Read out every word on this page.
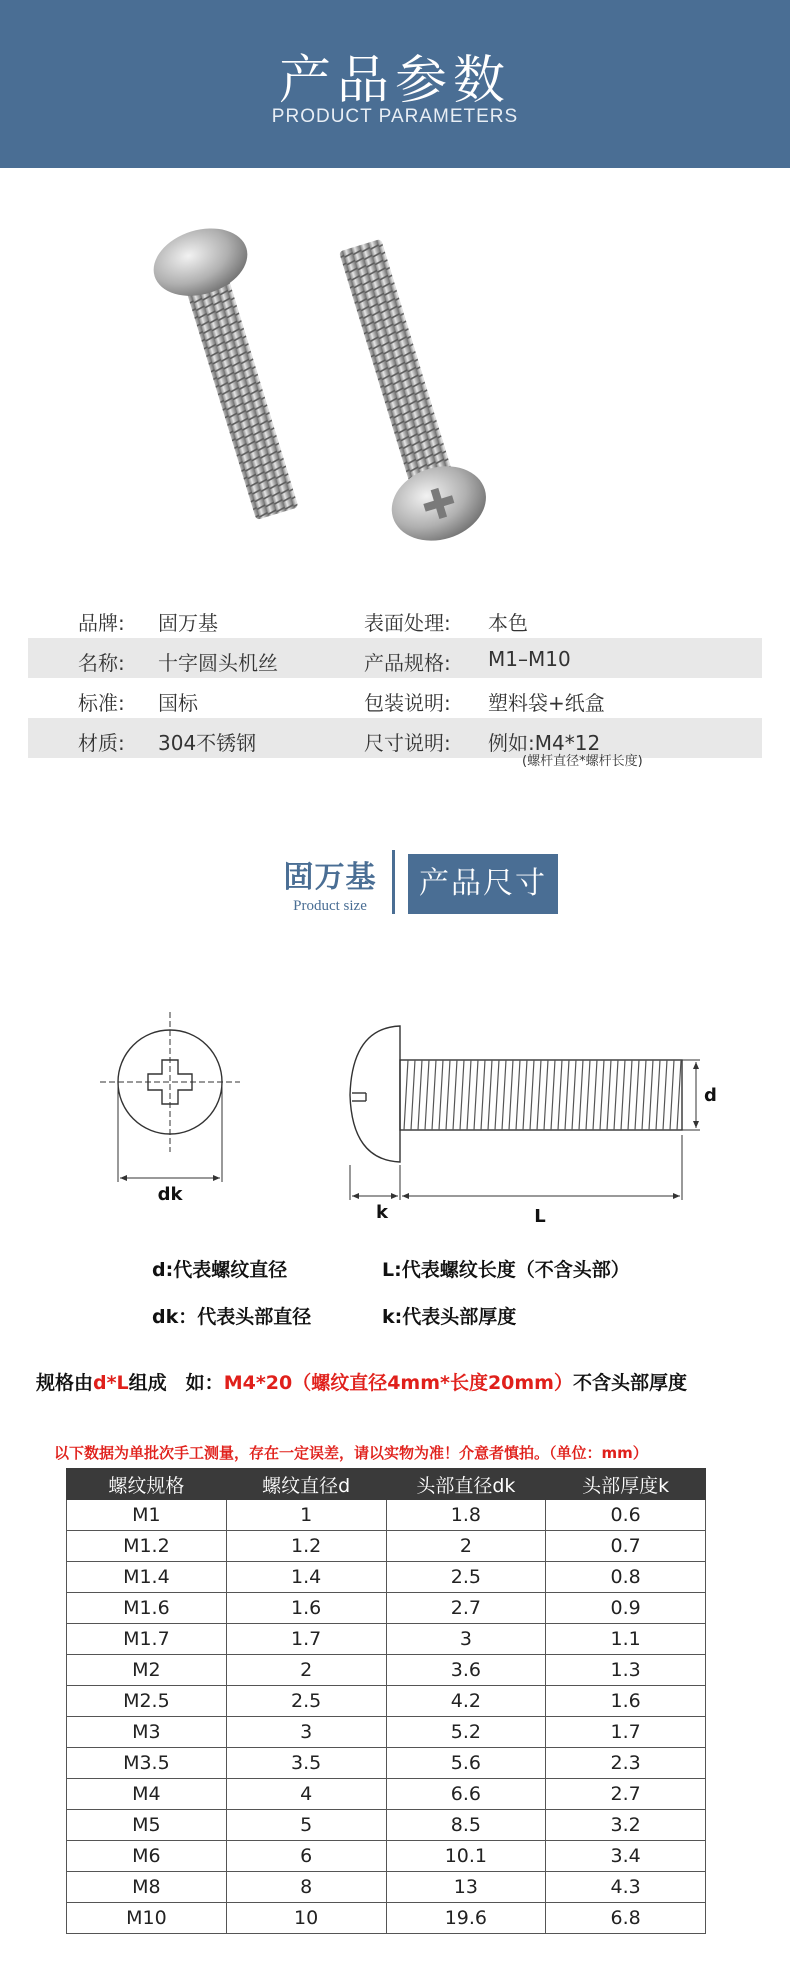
产品参数
PRODUCT PARAMETERS
品牌: 固万基	表面处理: 本色
名称: 十字圆头机丝	产品规格: M1–M10
标准: 国标	包装说明: 塑料袋+纸盒
材质: 304不锈钢	尺寸说明: 例如:M4*12
(螺杆直径*螺杆长度)
固万基
Product size
产品尺寸
dk
d
k	L
d:代表螺纹直径	L:代表螺纹长度（不含头部）
dk：代表头部直径	k:代表头部厚度
规格由d*L组成　如：M4*20（螺纹直径4mm*长度20mm）不含头部厚度
以下数据为单批次手工测量，存在一定误差，请以实物为准！介意者慎拍。（单位：mm）
螺纹规格	螺纹直径d	头部直径dk	头部厚度k
M1	1	1.8	0.6
M1.2	1.2	2	0.7
M1.4	1.4	2.5	0.8
M1.6	1.6	2.7	0.9
M1.7	1.7	3	1.1
M2	2	3.6	1.3
M2.5	2.5	4.2	1.6
M3	3	5.2	1.7
M3.5	3.5	5.6	2.3
M4	4	6.6	2.7
M5	5	8.5	3.2
M6	6	10.1	3.4
M8	8	13	4.3
M10	10	19.6	6.8
